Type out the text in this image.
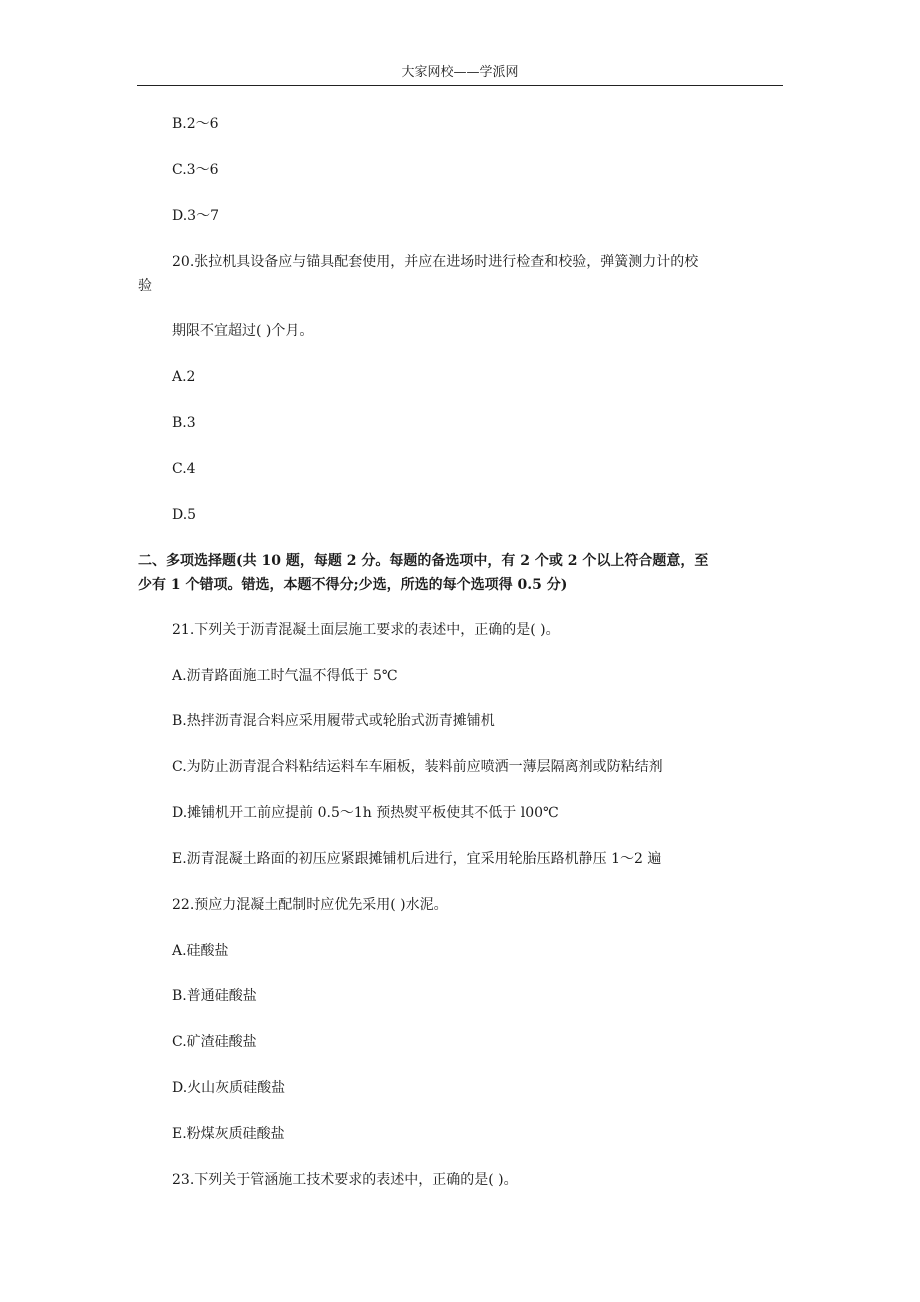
大家网校——学派网
B.2～6
C.3～6
D.3～7
20.张拉机具设备应与锚具配套使用，并应在进场时进行检查和校验，弹簧测力计的校
验
期限不宜超过( )个月。
A.2
B.3
C.4
D.5
二、多项选择题(共 10 题，每题 2 分。每题的备选项中，有 2 个或 2 个以上符合题意，至
少有 1 个错项。错选，本题不得分;少选，所选的每个选项得 0.5 分)
21.下列关于沥青混凝土面层施工要求的表述中，正确的是( )。
A.沥青路面施工时气温不得低于 5℃
B.热拌沥青混合料应采用履带式或轮胎式沥青摊铺机
C.为防止沥青混合料粘结运料车车厢板，装料前应喷洒一薄层隔离剂或防粘结剂
D.摊铺机开工前应提前 0.5～1h 预热熨平板使其不低于 l00℃
E.沥青混凝土路面的初压应紧跟摊铺机后进行，宜采用轮胎压路机静压 1～2 遍
22.预应力混凝土配制时应优先采用( )水泥。
A.硅酸盐
B.普通硅酸盐
C.矿渣硅酸盐
D.火山灰质硅酸盐
E.粉煤灰质硅酸盐
23.下列关于管涵施工技术要求的表述中，正确的是( )。
